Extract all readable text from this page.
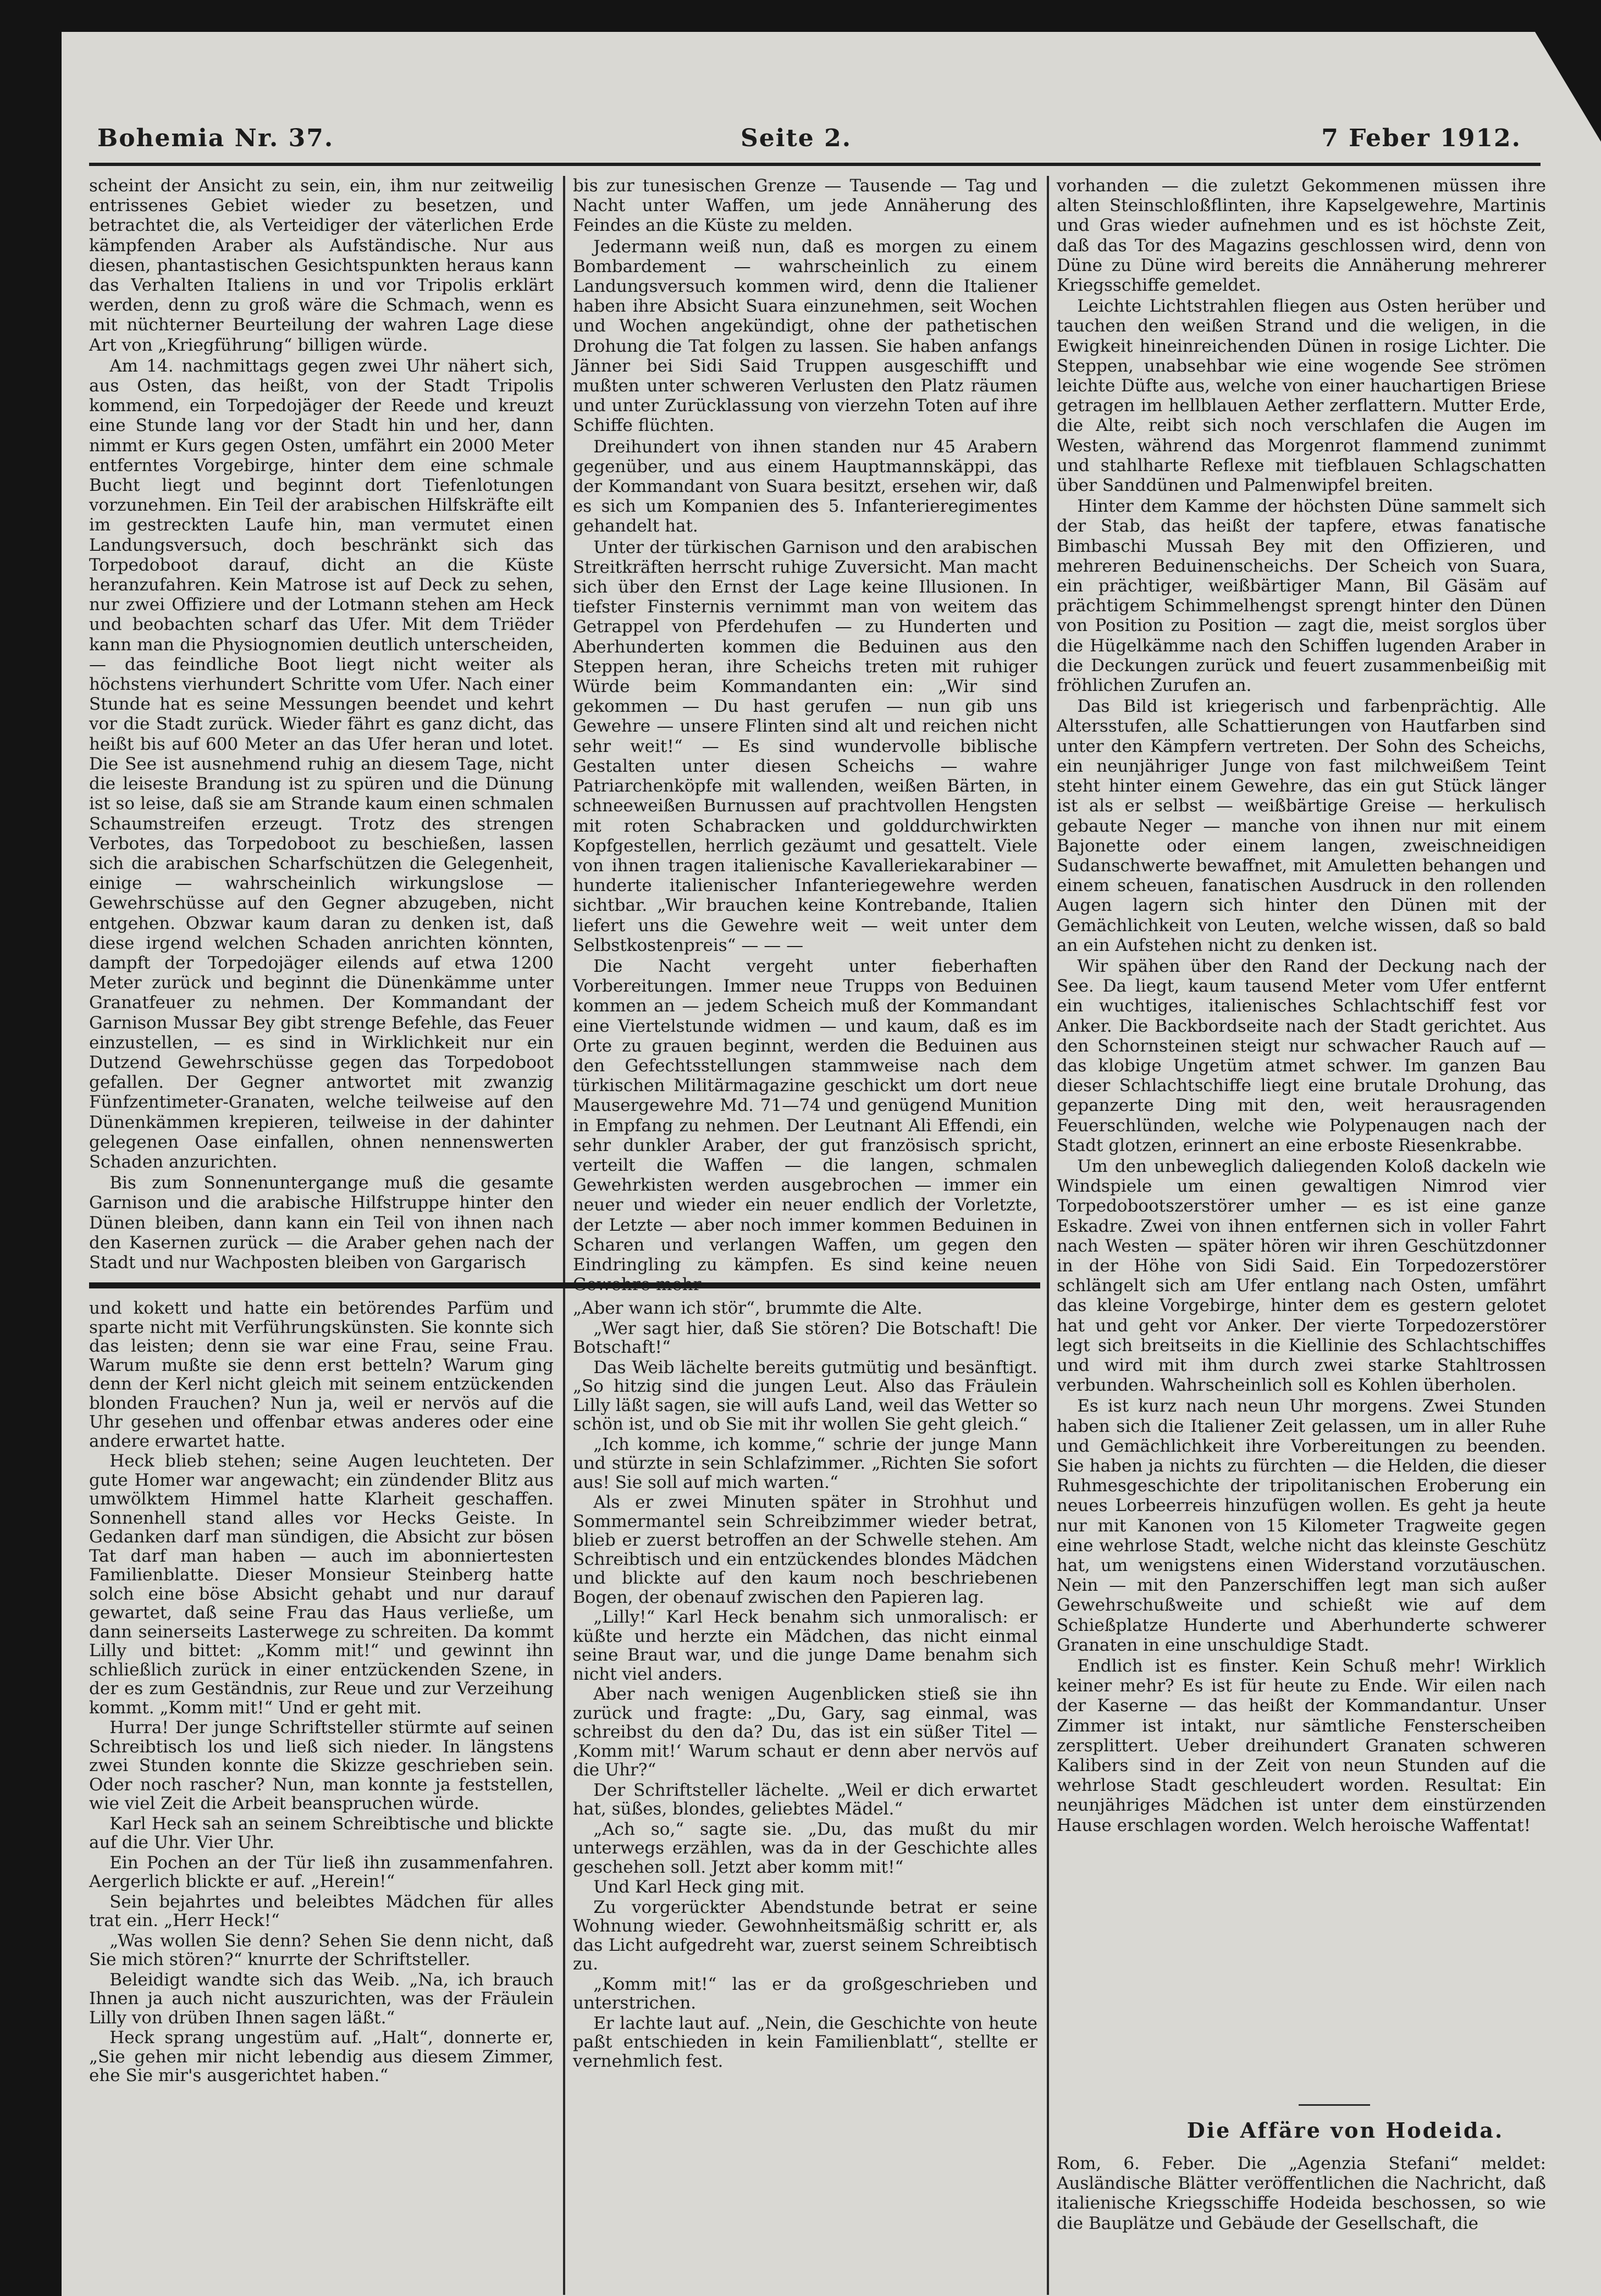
Bohemia Nr. 37.	Seite 2.	7 Feber 1912.

scheint der Ansicht zu sein, ein, ihm nur zeitweilig entrissenes Gebiet wieder zu besetzen, und betrachtet die, als Verteidiger der väterlichen Erde kämpfenden Araber als Aufständische. Nur aus diesen, phantastischen Gesichtspunkten heraus kann das Verhalten Italiens in und vor Tripolis erklärt werden, denn zu groß wäre die Schmach, wenn es mit nüchterner Beurteilung der wahren Lage diese Art von „Kriegführung“ billigen würde.

Am 14. nachmittags gegen zwei Uhr nähert sich, aus Osten, das heißt, von der Stadt Tripolis kommend, ein Torpedojäger der Reede und kreuzt eine Stunde lang vor der Stadt hin und her, dann nimmt er Kurs gegen Osten, umfährt ein 2000 Meter entferntes Vorgebirge, hinter dem eine schmale Bucht liegt und beginnt dort Tiefenlotungen vorzunehmen. Ein Teil der arabischen Hilfskräfte eilt im gestreckten Laufe hin, man vermutet einen Landungsversuch, doch beschränkt sich das Torpedoboot darauf, dicht an die Küste heranzufahren. Kein Matrose ist auf Deck zu sehen, nur zwei Offiziere und der Lotmann stehen am Heck und beobachten scharf das Ufer. Mit dem Triëder kann man die Physiognomien deutlich unterscheiden, — das feindliche Boot liegt nicht weiter als höchstens vierhundert Schritte vom Ufer. Nach einer Stunde hat es seine Messungen beendet und kehrt vor die Stadt zurück. Wieder fährt es ganz dicht, das heißt bis auf 600 Meter an das Ufer heran und lotet. Die See ist ausnehmend ruhig an diesem Tage, nicht die leiseste Brandung ist zu spüren und die Dünung ist so leise, daß sie am Strande kaum einen schmalen Schaumstreifen erzeugt. Trotz des strengen Verbotes, das Torpedoboot zu beschießen, lassen sich die arabischen Scharfschützen die Gelegenheit, einige — wahrscheinlich wirkungslose — Gewehrschüsse auf den Gegner abzugeben, nicht entgehen. Obzwar kaum daran zu denken ist, daß diese irgend welchen Schaden anrichten könnten, dampft der Torpedojäger eilends auf etwa 1200 Meter zurück und beginnt die Dünenkämme unter Granatfeuer zu nehmen. Der Kommandant der Garnison Mussar Bey gibt strenge Befehle, das Feuer einzustellen, — es sind in Wirklichkeit nur ein Dutzend Gewehrschüsse gegen das Torpedoboot gefallen. Der Gegner antwortet mit zwanzig Fünfzentimeter-Granaten, welche teilweise auf den Dünenkämmen krepieren, teilweise in der dahinter gelegenen Oase einfallen, ohnen nennenswerten Schaden anzurichten.

Bis zum Sonnenuntergange muß die gesamte Garnison und die arabische Hilfstruppe hinter den Dünen bleiben, dann kann ein Teil von ihnen nach den Kasernen zurück — die Araber gehen nach der Stadt und nur Wachposten bleiben von Gargarisch

bis zur tunesischen Grenze — Tausende — Tag und Nacht unter Waffen, um jede Annäherung des Feindes an die Küste zu melden.

Jedermann weiß nun, daß es morgen zu einem Bombardement — wahrscheinlich zu einem Landungsversuch kommen wird, denn die Italiener haben ihre Absicht Suara einzunehmen, seit Wochen und Wochen angekündigt, ohne der pathetischen Drohung die Tat folgen zu lassen. Sie haben anfangs Jänner bei Sidi Said Truppen ausgeschifft und mußten unter schweren Verlusten den Platz räumen und unter Zurücklassung von vierzehn Toten auf ihre Schiffe flüchten.

Dreihundert von ihnen standen nur 45 Arabern gegenüber, und aus einem Hauptmannskäppi, das der Kommandant von Suara besitzt, ersehen wir, daß es sich um Kompanien des 5. Infanterieregimentes gehandelt hat.

Unter der türkischen Garnison und den arabischen Streitkräften herrscht ruhige Zuversicht. Man macht sich über den Ernst der Lage keine Illusionen. In tiefster Finsternis vernimmt man von weitem das Getrappel von Pferdehufen — zu Hunderten und Aberhunderten kommen die Beduinen aus den Steppen heran, ihre Scheichs treten mit ruhiger Würde beim Kommandanten ein: „Wir sind gekommen — Du hast gerufen — nun gib uns Gewehre — unsere Flinten sind alt und reichen nicht sehr weit!“ — Es sind wundervolle biblische Gestalten unter diesen Scheichs — wahre Patriarchenköpfe mit wallenden, weißen Bärten, in schneeweißen Burnussen auf prachtvollen Hengsten mit roten Schabracken und golddurchwirkten Kopfgestellen, herrlich gezäumt und gesattelt. Viele von ihnen tragen italienische Kavalleriekarabiner — hunderte italienischer Infanteriegewehre werden sichtbar. „Wir brauchen keine Kontrebande, Italien liefert uns die Gewehre weit — weit unter dem Selbstkostenpreis“ — — —

Die Nacht vergeht unter fieberhaften Vorbereitungen. Immer neue Trupps von Beduinen kommen an — jedem Scheich muß der Kommandant eine Viertelstunde widmen — und kaum, daß es im Orte zu grauen beginnt, werden die Beduinen aus den Gefechtsstellungen stammweise nach dem türkischen Militärmagazine geschickt um dort neue Mausergewehre Md. 71—74 und genügend Munition in Empfang zu nehmen. Der Leutnant Ali Effendi, ein sehr dunkler Araber, der gut französisch spricht, verteilt die Waffen — die langen, schmalen Gewehrkisten werden ausgebrochen — immer ein neuer und wieder ein neuer endlich der Vorletzte, der Letzte — aber noch immer kommen Beduinen in Scharen und verlangen Waffen, um gegen den Eindringling zu kämpfen. Es sind keine neuen

und kokett und hatte ein betörendes Parfüm und sparte nicht mit Verführungskünsten. Sie konnte sich das leisten; denn sie war eine Frau, seine Frau. Warum mußte sie denn erst betteln? Warum ging denn der Kerl nicht gleich mit seinem entzückenden blonden Frauchen? Nun ja, weil er nervös auf die Uhr gesehen und offenbar etwas anderes oder eine andere erwartet hatte.

Heck blieb stehen; seine Augen leuchteten. Der gute Homer war angewacht; ein zündender Blitz aus umwölktem Himmel hatte Klarheit geschaffen. Sonnenhell stand alles vor Hecks Geiste. In Gedanken darf man sündigen, die Absicht zur bösen Tat darf man haben — auch im abonniertesten Familienblatte. Dieser Monsieur Steinberg hatte solch eine böse Absicht gehabt und nur darauf gewartet, daß seine Frau das Haus verließe, um dann seinerseits Lasterwege zu schreiten. Da kommt Lilly und bittet: „Komm mit!“ und gewinnt ihn schließlich zurück in einer entzückenden Szene, in der es zum Geständnis, zur Reue und zur Verzeihung kommt. „Komm mit!“ Und er geht mit.

Hurra! Der junge Schriftsteller stürmte auf seinen Schreibtisch los und ließ sich nieder. In längstens zwei Stunden konnte die Skizze geschrieben sein. Oder noch rascher? Nun, man konnte ja feststellen, wie viel Zeit die Arbeit beanspruchen würde.

Karl Heck sah an seinem Schreibtische und blickte auf die Uhr. Vier Uhr.

Ein Pochen an der Tür ließ ihn zusammenfahren. Aergerlich blickte er auf. „Herein!“

Sein bejahrtes und beleibtes Mädchen für alles trat ein. „Herr Heck!“

„Was wollen Sie denn? Sehen Sie denn nicht, daß Sie mich stören?“ knurrte der Schriftsteller.

Beleidigt wandte sich das Weib. „Na, ich brauch Ihnen ja auch nicht auszurichten, was der Fräulein Lilly von drüben Ihnen sagen läßt.“

Heck sprang ungestüm auf. „Halt“, donnerte er, „Sie gehen mir nicht lebendig aus diesem Zimmer, ehe Sie mir's ausgerichtet haben.“

„Aber wann ich stör“, brummte die Alte.

„Wer sagt hier, daß Sie stören? Die Botschaft! Die Botschaft!“

Das Weib lächelte bereits gutmütig und besänftigt. „So hitzig sind die jungen Leut. Also das Fräulein Lilly läßt sagen, sie will aufs Land, weil das Wetter so schön ist, und ob Sie mit ihr wollen Sie geht gleich.“

„Ich komme, ich komme,“ schrie der junge Mann und stürzte in sein Schlafzimmer. „Richten Sie sofort aus! Sie soll auf mich warten.“

Als er zwei Minuten später in Strohhut und Sommermantel sein Schreibzimmer wieder betrat, blieb er zuerst betroffen an der Schwelle stehen. Am Schreibtisch und ein entzückendes blondes Mädchen und blickte auf den kaum noch beschriebenen Bogen, der obenauf zwischen den Papieren lag.

„Lilly!“ Karl Heck benahm sich unmoralisch: er küßte und herzte ein Mädchen, das nicht einmal seine Braut war, und die junge Dame benahm sich nicht viel anders.

Aber nach wenigen Augenblicken stieß sie ihn zurück und fragte: „Du, Gary, sag einmal, was schreibst du den da? Du, das ist ein süßer Titel — ‚Komm mit!‘ Warum schaut er denn aber nervös auf die Uhr?“

Der Schriftsteller lächelte. „Weil er dich erwartet hat, süßes, blondes, geliebtes Mädel.“

„Ach so,“ sagte sie. „Du, das mußt du mir unterwegs erzählen, was da in der Geschichte alles geschehen soll. Jetzt aber komm mit!“

Und Karl Heck ging mit.

Zu vorgerückter Abendstunde betrat er seine Wohnung wieder. Gewohnheitsmäßig schritt er, als das Licht aufgedreht war, zuerst seinem Schreibtisch zu.

„Komm mit!“ las er da großgeschrieben und unterstrichen.

Er lachte laut auf. „Nein, die Geschichte von heute paßt entschieden in kein Familienblatt“, stellte er vernehmlich fest.

vorhanden — die zuletzt Gekommenen müssen ihre alten Steinschloßflinten, ihre Kapselgewehre, Martinis und Gras wieder aufnehmen und es ist höchste Zeit, daß das Tor des Magazins geschlossen wird, denn von Düne zu Düne wird bereits die Annäherung mehrerer Kriegsschiffe gemeldet.

Leichte Lichtstrahlen fliegen aus Osten herüber und tauchen den weißen Strand und die weligen, in die Ewigkeit hineinreichenden Dünen in rosige Lichter. Die Steppen, unabsehbar wie eine wogende See strömen leichte Düfte aus, welche von einer hauchartigen Briese getragen im hellblauen Aether zerflattern. Mutter Erde, die Alte, reibt sich noch verschlafen die Augen im Westen, während das Morgenrot flammend zunimmt und stahlharte Reflexe mit tiefblauen Schlagschatten über Sanddünen und Palmenwipfel breiten.

Hinter dem Kamme der höchsten Düne sammelt sich der Stab, das heißt der tapfere, etwas fanatische Bimbaschi Mussah Bey mit den Offizieren, und mehreren Beduinenscheichs. Der Scheich von Suara, ein prächtiger, weißbärtiger Mann, Bil Gäsäm auf prächtigem Schimmelhengst sprengt hinter den Dünen von Position zu Position — zagt die, meist sorglos über die Hügelkämme nach den Schiffen lugenden Araber in die Deckungen zurück und feuert zusammenbeißig mit fröhlichen Zurufen an.

Das Bild ist kriegerisch und farbenprächtig. Alle Altersstufen, alle Schattierungen von Hautfarben sind unter den Kämpfern vertreten. Der Sohn des Scheichs, ein neunjähriger Junge von fast milchweißem Teint steht hinter einem Gewehre, das ein gut Stück länger ist als er selbst — weißbärtige Greise — herkulisch gebaute Neger — manche von ihnen nur mit einem Bajonette oder einem langen, zweischneidigen Sudanschwerte bewaffnet, mit Amuletten behangen und einem scheuen, fanatischen Ausdruck in den rollenden Augen lagern sich hinter den Dünen mit der Gemächlichkeit von Leuten, welche wissen, daß so bald an ein Aufstehen nicht zu denken ist.

Wir spähen über den Rand der Deckung nach der See. Da liegt, kaum tausend Meter vom Ufer entfernt ein wuchtiges, italienisches Schlachtschiff fest vor Anker. Die Backbordseite nach der Stadt gerichtet. Aus den Schornsteinen steigt nur schwacher Rauch auf — das klobige Ungetüm atmet schwer. Im ganzen Bau dieser Schlachtschiffe liegt eine brutale Drohung, das gepanzerte Ding mit den, weit herausragenden Feuerschlünden, welche wie Polypenaugen nach der Stadt glotzen, erinnert an eine erboste Riesenkrabbe.

Um den unbeweglich daliegenden Koloß dackeln wie Windspiele um einen gewaltigen Nimrod vier Torpedobootszerstörer umher — es ist eine ganze Eskadre. Zwei von ihnen entfernen sich in voller Fahrt nach Westen — später hören wir ihren Geschützdonner in der Höhe von Sidi Said. Ein Torpedozerstörer schlängelt sich am Ufer entlang nach Osten, umfährt das kleine Vorgebirge, hinter dem es gestern gelotet hat und geht vor Anker. Der vierte Torpedozerstörer legt sich breitseits in die Kiellinie des Schlachtschiffes und wird mit ihm durch zwei starke Stahltrossen verbunden. Wahrscheinlich soll es Kohlen überholen.

Es ist kurz nach neun Uhr morgens. Zwei Stunden haben sich die Italiener Zeit gelassen, um in aller Ruhe und Gemächlichkeit ihre Vorbereitungen zu beenden. Sie haben ja nichts zu fürchten — die Helden, die dieser Ruhmesgeschichte der tripolitanischen Eroberung ein neues Lorbeerreis hinzufügen wollen. Es geht ja heute nur mit Kanonen von 15 Kilometer Tragweite gegen eine wehrlose Stadt, welche nicht das kleinste Geschütz hat, um wenigstens einen Widerstand vorzutäuschen. Nein — mit den Panzerschiffen legt man sich außer Gewehrschußweite und schießt wie auf dem Schießplatze Hunderte und Aberhunderte schwerer Granaten in eine unschuldige Stadt.

Endlich ist es finster. Kein Schuß mehr! Wirklich keiner mehr? Es ist für heute zu Ende. Wir eilen nach der Kaserne — das heißt der Kommandantur. Unser Zimmer ist intakt, nur sämtliche Fensterscheiben zersplittert. Ueber dreihundert Granaten schweren Kalibers sind in der Zeit von neun Stunden auf die wehrlose Stadt geschleudert worden. Resultat: Ein neunjähriges Mädchen ist unter dem einstürzenden Hause erschlagen worden. Welch heroische Waffentat!

Die Affäre von Hodeida.

Rom, 6. Feber. Die „Agenzia Stefani“ meldet: Ausländische Blätter veröffentlichen die Nachricht, daß italienische Kriegsschiffe Hodeida beschossen, so wie die Bauplätze und Gebäude der Gesellschaft, die
